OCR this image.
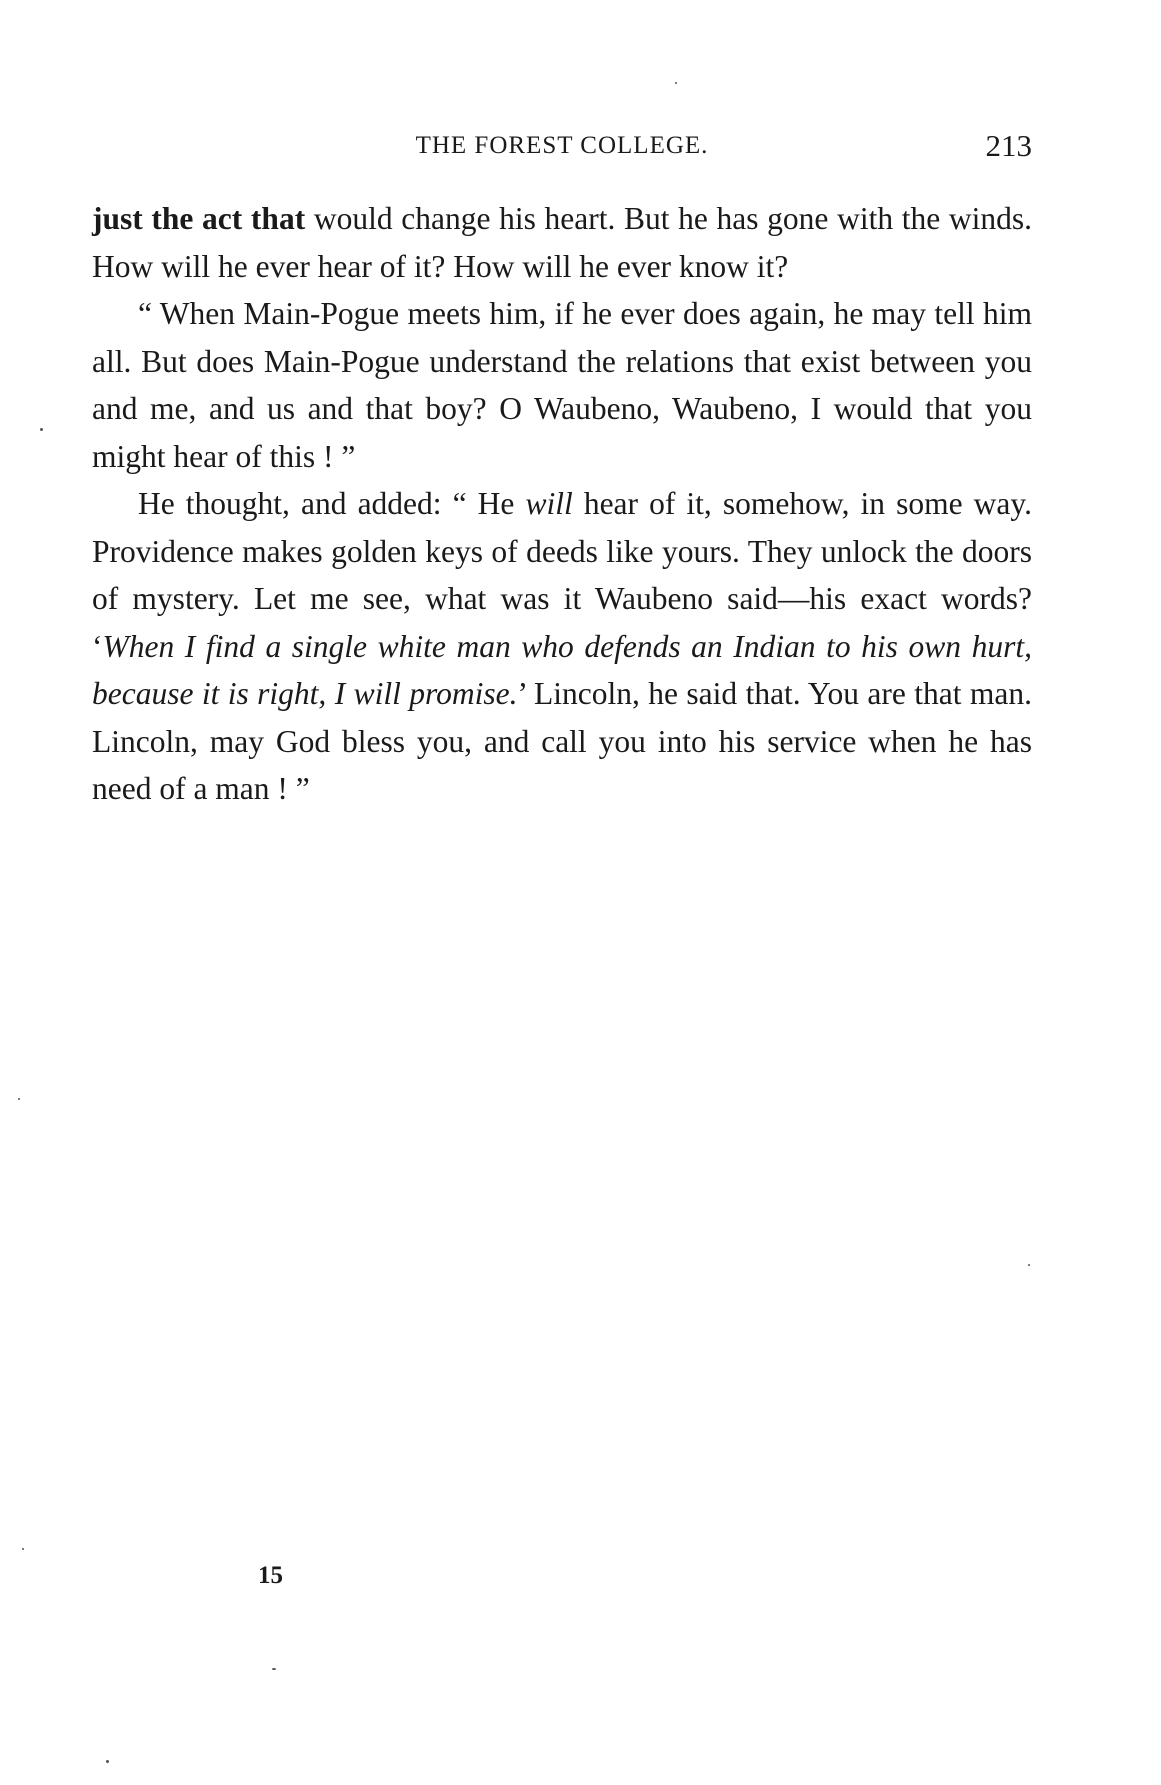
THE FOREST COLLEGE.	213

just the act that would change his heart. But he has gone with the winds. How will he ever hear of it? How will he ever know it?

“ When Main-Pogue meets him, if he ever does again, he may tell him all. But does Main-Pogue understand the relations that exist between you and me, and us and that boy? O Waubeno, Waubeno, I would that you might hear of this ! ”

He thought, and added: “ He will hear of it, somehow, in some way. Providence makes golden keys of deeds like yours. They unlock the doors of mystery. Let me see, what was it Waubeno said—his exact words? ‘When I find a single white man who defends an Indian to his own hurt, because it is right, I will promise.’ Lincoln, he said that. You are that man. Lincoln, may God bless you, and call you into his service when he has need of a man ! ”

15
